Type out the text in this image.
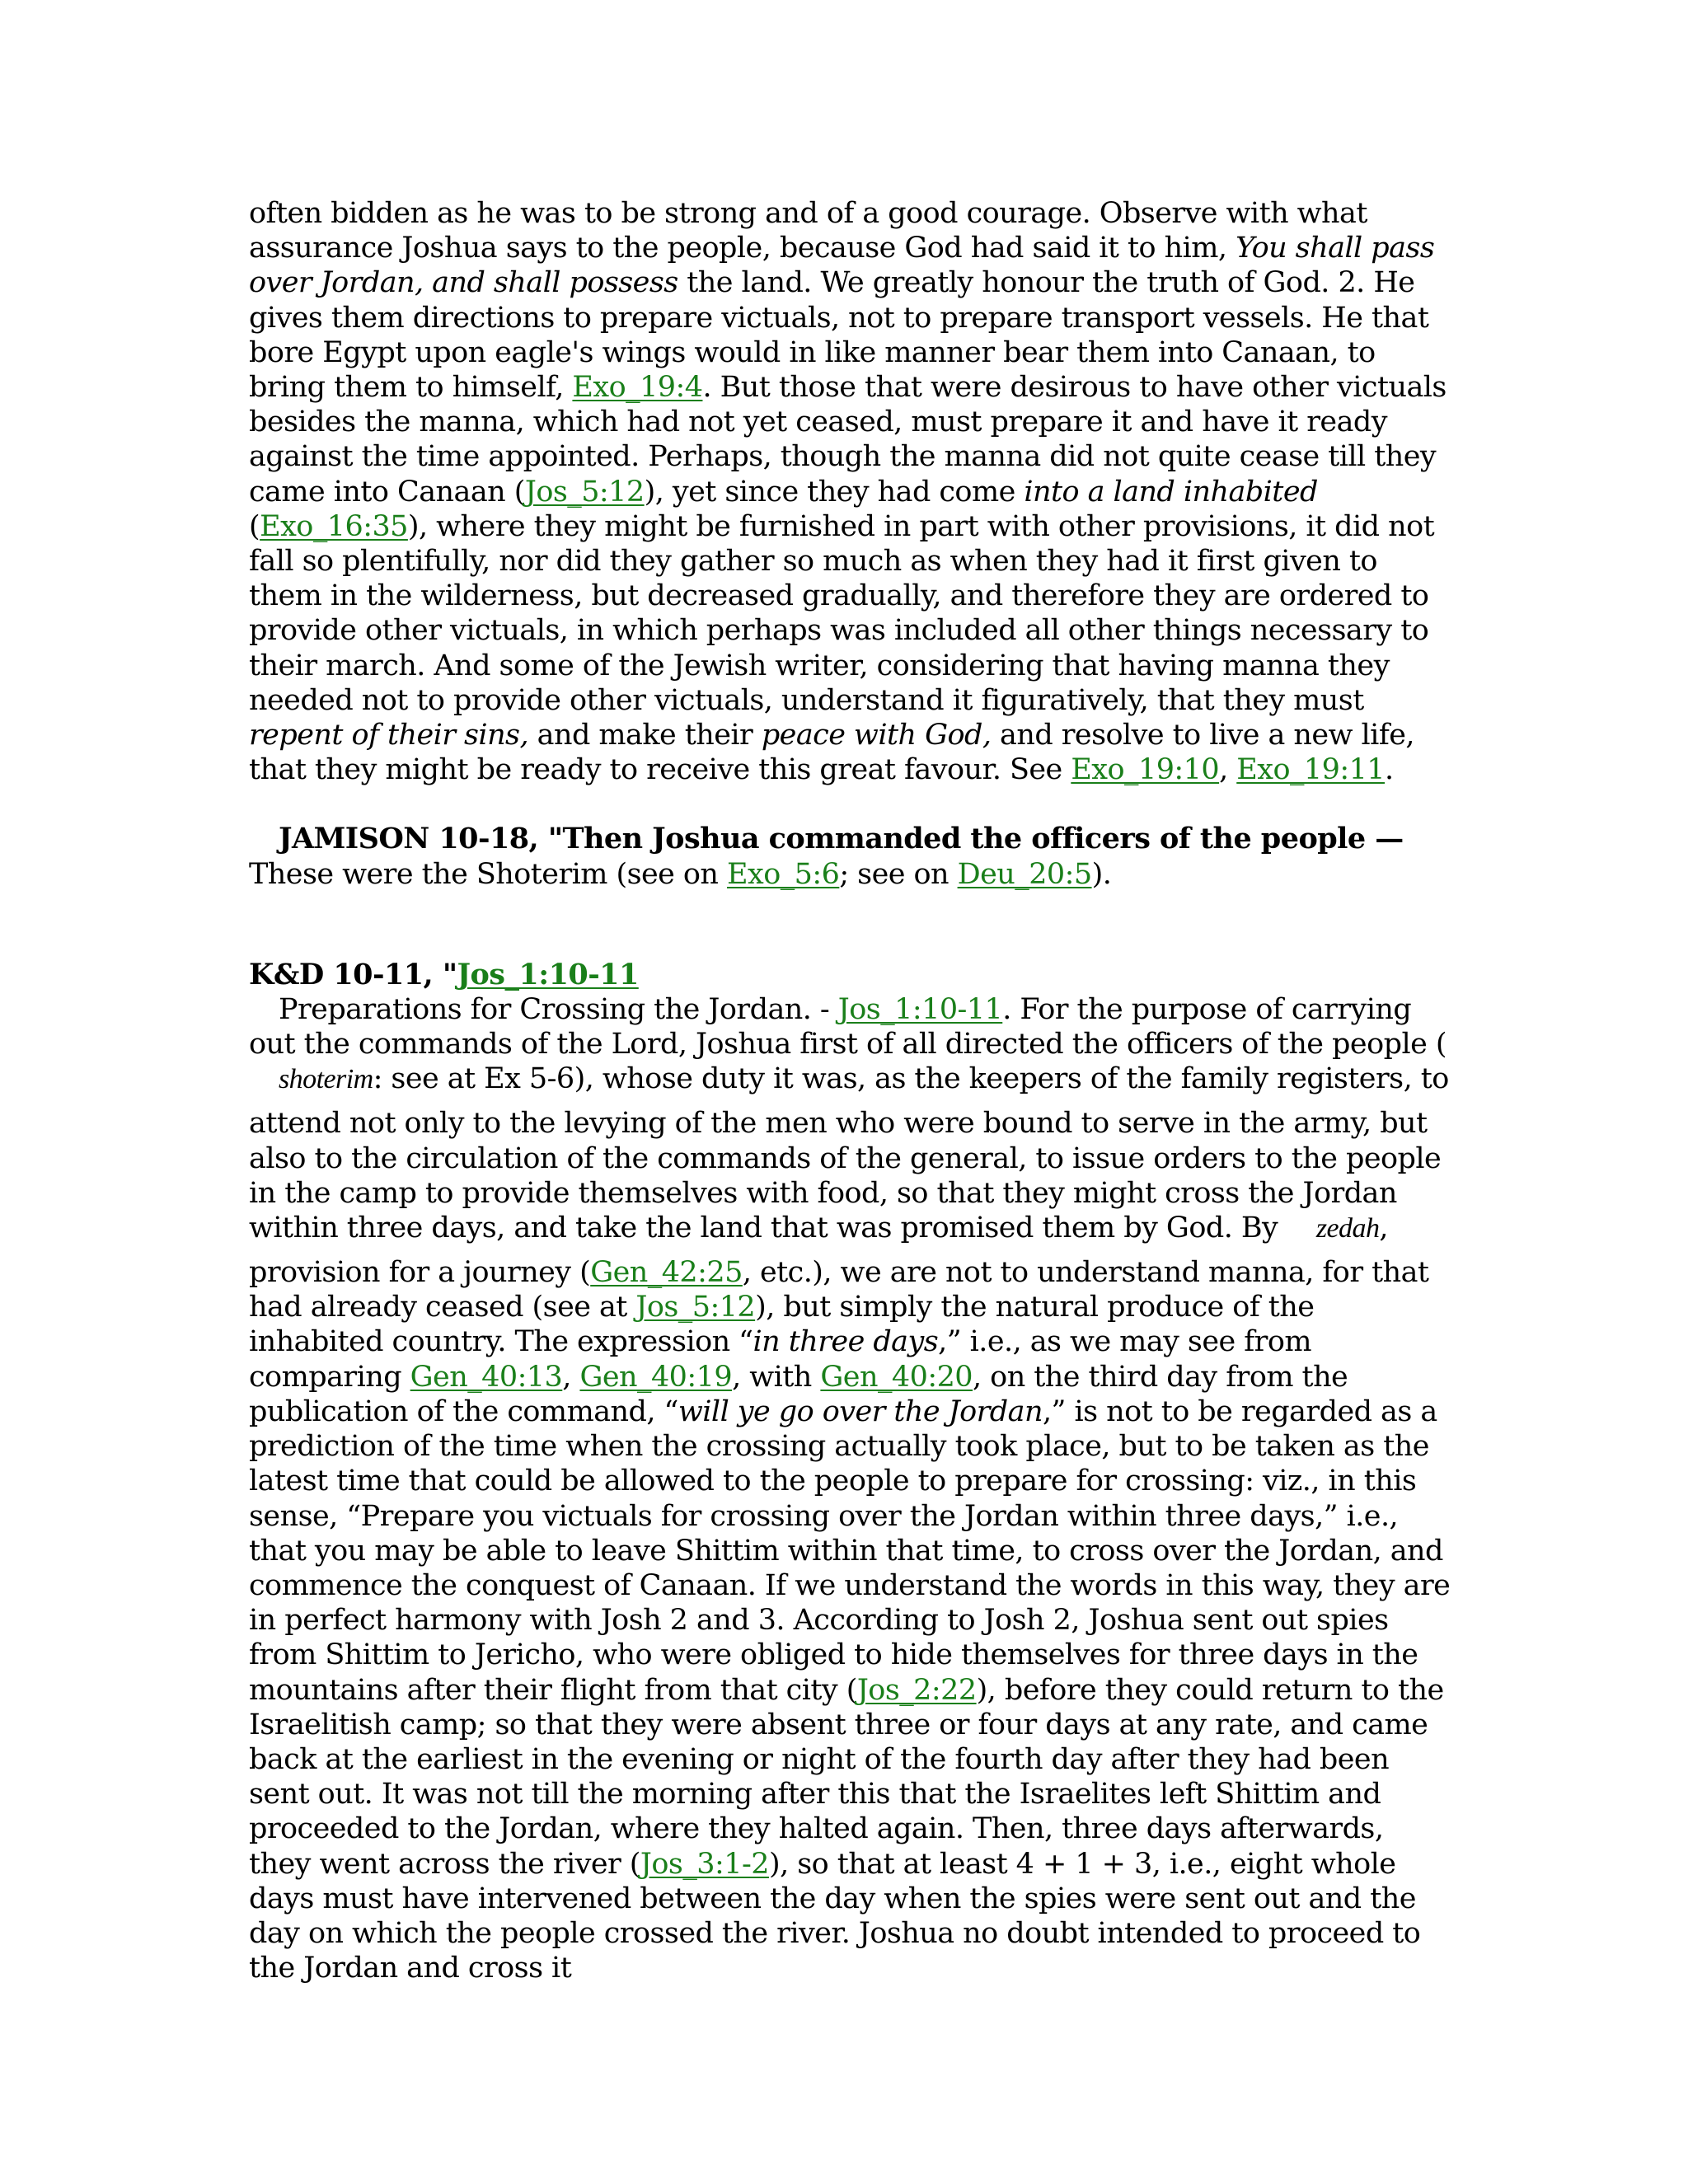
often bidden as he was to be strong and of a good courage. Observe with what assurance Joshua says to the people, because God had said it to him, You shall pass over Jordan, and shall possess the land. We greatly honour the truth of God. 2. He gives them directions to prepare victuals, not to prepare transport vessels. He that bore Egypt upon eagle's wings would in like manner bear them into Canaan, to bring them to himself, Exo_19:4. But those that were desirous to have other victuals besides the manna, which had not yet ceased, must prepare it and have it ready against the time appointed. Perhaps, though the manna did not quite cease till they came into Canaan (Jos_5:12), yet since they had come into a land inhabited (Exo_16:35), where they might be furnished in part with other provisions, it did not fall so plentifully, nor did they gather so much as when they had it first given to them in the wilderness, but decreased gradually, and therefore they are ordered to provide other victuals, in which perhaps was included all other things necessary to their march. And some of the Jewish writer, considering that having manna they needed not to provide other victuals, understand it figuratively, that they must repent of their sins, and make their peace with God, and resolve to live a new life, that they might be ready to receive this great favour. See Exo_19:10, Exo_19:11.

JAMISON 10-18, "Then Joshua commanded the officers of the people — These were the Shoterim (see on Exo_5:6; see on Deu_20:5).

K&D 10-11, "Jos_1:10-11

Preparations for Crossing the Jordan. - Jos_1:10-11. For the purpose of carrying out the commands of the Lord, Joshua first of all directed the officers of the people (shoterim: see at Ex 5-6), whose duty it was, as the keepers of the family registers, to attend not only to the levying of the men who were bound to serve in the army, but also to the circulation of the commands of the general, to issue orders to the people in the camp to provide themselves with food, so that they might cross the Jordan within three days, and take the land that was promised them by God. By zedah, provision for a journey (Gen_42:25, etc.), we are not to understand manna, for that had already ceased (see at Jos_5:12), but simply the natural produce of the inhabited country. The expression “in three days,” i.e., as we may see from comparing Gen_40:13, Gen_40:19, with Gen_40:20, on the third day from the publication of the command, “will ye go over the Jordan,” is not to be regarded as a prediction of the time when the crossing actually took place, but to be taken as the latest time that could be allowed to the people to prepare for crossing: viz., in this sense, “Prepare you victuals for crossing over the Jordan within three days,” i.e., that you may be able to leave Shittim within that time, to cross over the Jordan, and commence the conquest of Canaan. If we understand the words in this way, they are in perfect harmony with Josh 2 and 3. According to Josh 2, Joshua sent out spies from Shittim to Jericho, who were obliged to hide themselves for three days in the mountains after their flight from that city (Jos_2:22), before they could return to the Israelitish camp; so that they were absent three or four days at any rate, and came back at the earliest in the evening or night of the fourth day after they had been sent out. It was not till the morning after this that the Israelites left Shittim and proceeded to the Jordan, where they halted again. Then, three days afterwards, they went across the river (Jos_3:1-2), so that at least 4 + 1 + 3, i.e., eight whole days must have intervened between the day when the spies were sent out and the day on which the people crossed the river. Joshua no doubt intended to proceed to the Jordan and cross it
